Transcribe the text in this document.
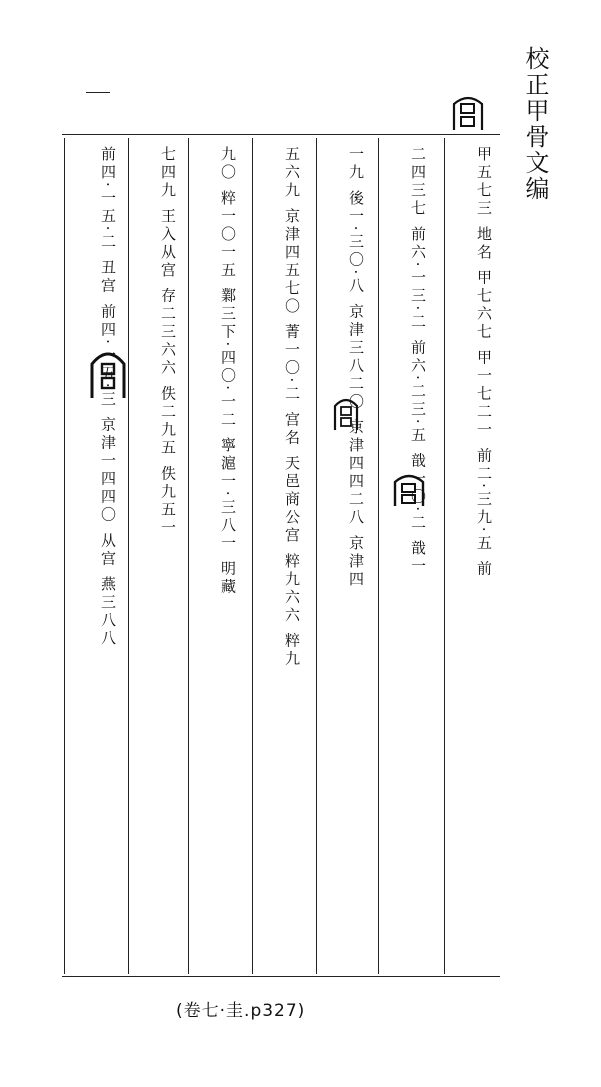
校正甲骨文编
甲五七三 地名 甲七六七 甲一七二一 前二·三九·五 前
二四三七 前六·一三·二 前六·二三·五 戠一〇·二 戠一
一九 後一·三〇·八 京津三八二〇 京津四四二八 京津四
五六九 京津四五七〇 菁一〇·二 宫名 天邑商公宫 粹九六六 粹九
九〇 粹一〇一五 鄴三下·四〇·一二 寧滬一·三八一 明藏
七四九 王入从宫 存二三六六 佚二九五 佚九五一
前四·一五·二 丑宫 前四·一五·三 京津一四四〇 从宫 燕三八八
(卷七·圭.p327)
